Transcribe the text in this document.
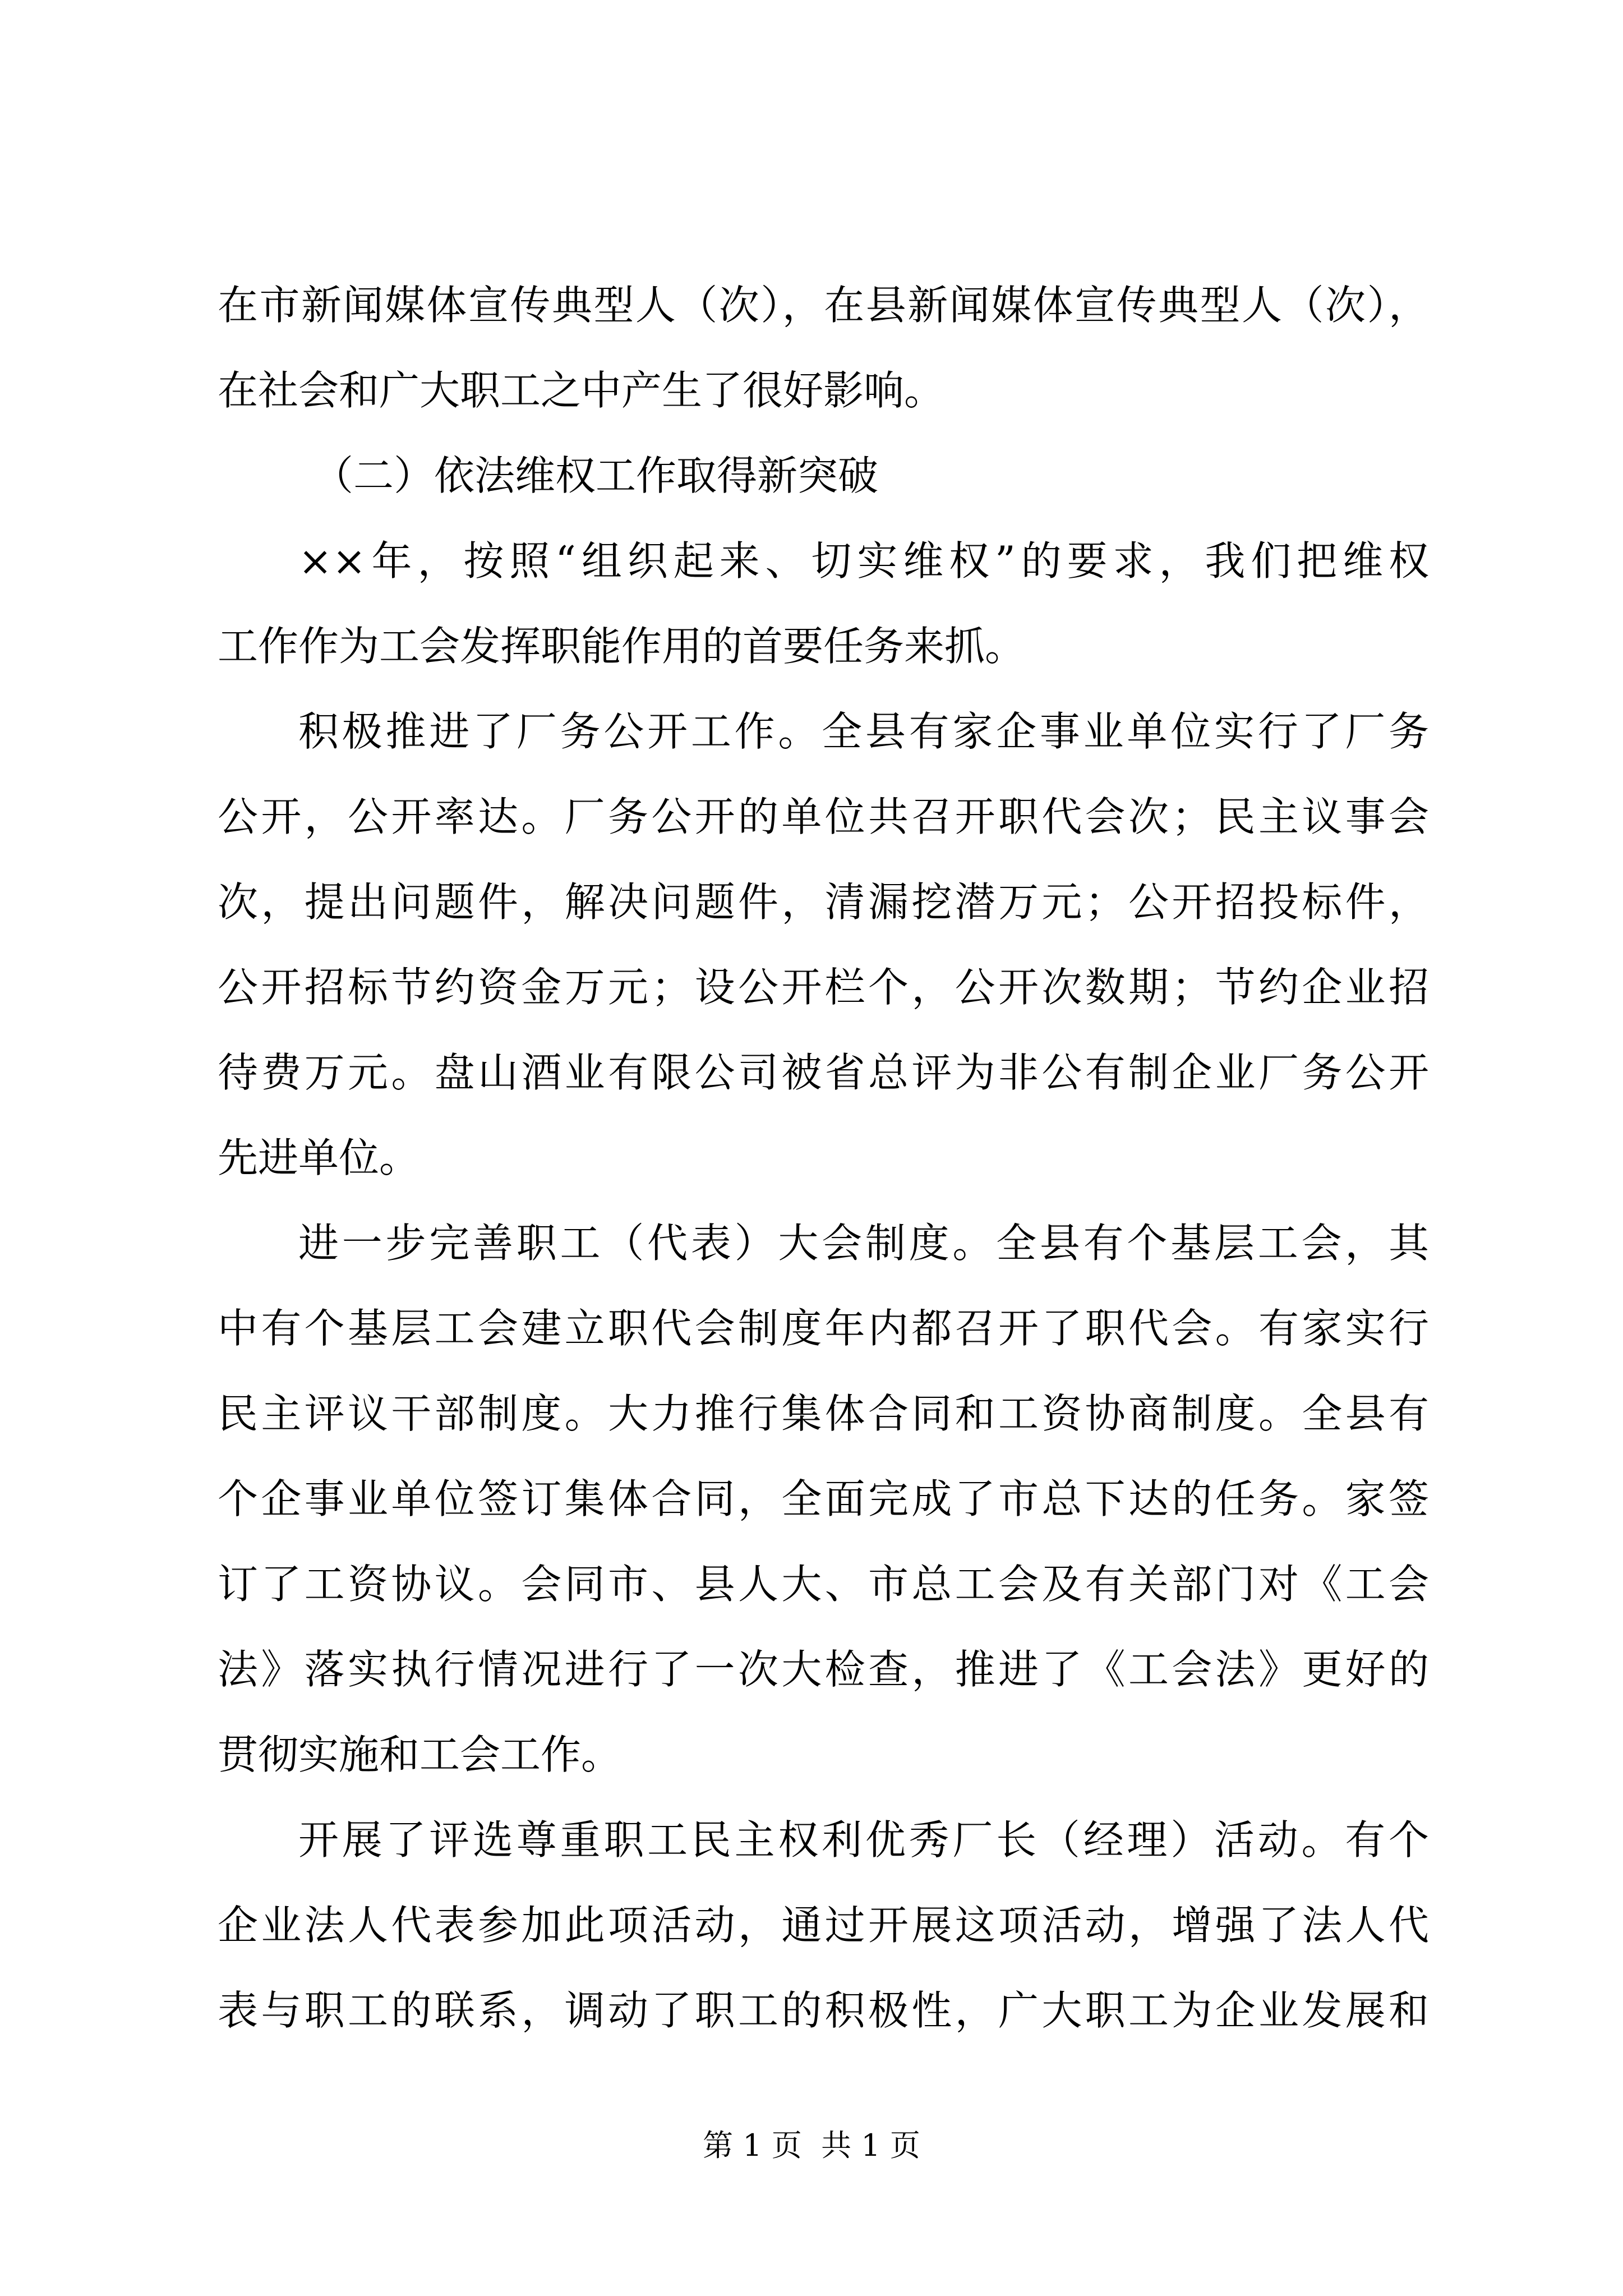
在市新闻媒体宣传典型人（次），在县新闻媒体宣传典型人（次），
在社会和广大职工之中产生了很好影响。
（二）依法维权工作取得新突破
××年，按照“组织起来、切实维权”的要求，我们把维权
工作作为工会发挥职能作用的首要任务来抓。
积极推进了厂务公开工作。全县有家企事业单位实行了厂务
公开，公开率达。厂务公开的单位共召开职代会次；民主议事会
次，提出问题件，解决问题件，清漏挖潜万元；公开招投标件，
公开招标节约资金万元；设公开栏个，公开次数期；节约企业招
待费万元。盘山酒业有限公司被省总评为非公有制企业厂务公开
先进单位。
进一步完善职工（代表）大会制度。全县有个基层工会，其
中有个基层工会建立职代会制度年内都召开了职代会。有家实行
民主评议干部制度。大力推行集体合同和工资协商制度。全县有
个企事业单位签订集体合同，全面完成了市总下达的任务。家签
订了工资协议。会同市、县人大、市总工会及有关部门对《工会
法》落实执行情况进行了一次大检查，推进了《工会法》更好的
贯彻实施和工会工作。
开展了评选尊重职工民主权利优秀厂长（经理）活动。有个
企业法人代表参加此项活动，通过开展这项活动，增强了法人代
表与职工的联系，调动了职工的积极性，广大职工为企业发展和
第 1 页  共 1 页
